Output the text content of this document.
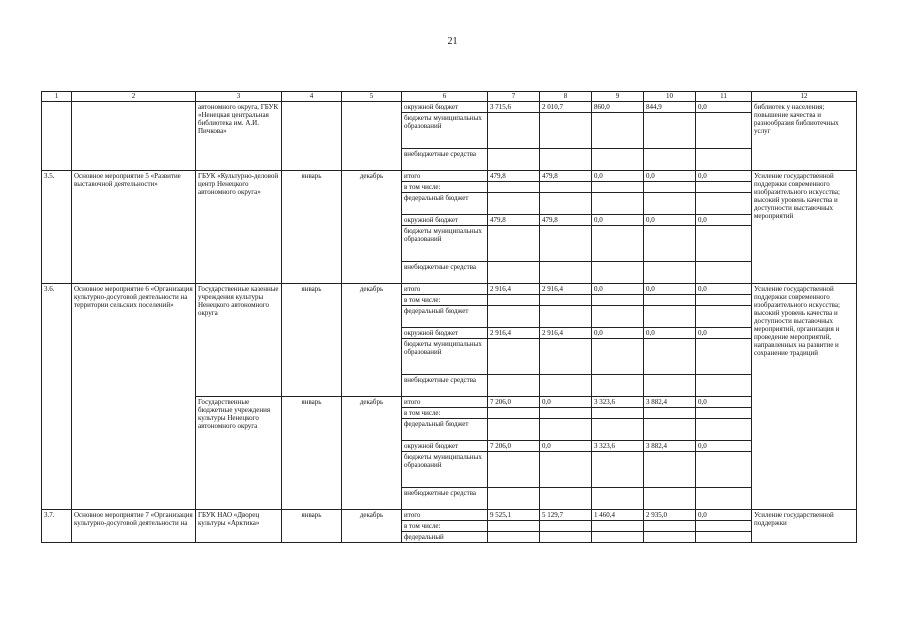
21
1	2	3	4	5	6	7	8	9	10	11	12
		автономного округа, ГБУК «Ненецкая центральная библиотека им. А.И. Пичкова»			окружной бюджет	3 715,6	2 010,7	860,0	844,9	0,0	библиотек у населения; повышение качества и разнообразия библиотечных услуг
					бюджеты муниципальных образований						
					внебюджетные средства						
3.5.	Основное мероприятие 5 «Развитие выставочной деятельности»	ГБУК «Культурно-деловой центр Ненецкого автономного округа»	январь	декабрь	итого	479,8	479,8	0,0	0,0	0,0	Усиление государственной поддержки современного изобразительного искусства; высокий уровень качества и доступности выставочных мероприятий
					в том числе:						
					федеральный бюджет						
					окружной бюджет	479,8	479,8	0,0	0,0	0,0	
					бюджеты муниципальных образований						
					внебюджетные средства						
3.6.	Основное мероприятие 6 «Организация культурно-досуговой деятельности на территории сельских поселений»	Государственные казенные учреждения культуры Ненецкого автономного округа	январь	декабрь	итого	2 916,4	2 916,4	0,0	0,0	0,0	Усиление государственной поддержки современного изобразительного искусства; высокий уровень качества и доступности выставочных мероприятий, организация и проведение мероприятий, направленных на развитие и сохранение традиций
					в том числе:						
					федеральный бюджет						
					окружной бюджет	2 916,4	2 916,4	0,0	0,0	0,0	
					бюджеты муниципальных образований						
					внебюджетные средства						
		Государственные бюджетные учреждения культуры Ненецкого автономного округа	январь	декабрь	итого	7 206,0	0,0	3 323,6	3 882,4	0,0	
					в том числе:						
					федеральный бюджет						
					окружной бюджет	7 206,0	0,0	3 323,6	3 882,4	0,0	
					бюджеты муниципальных образований						
					внебюджетные средства						
3.7.	Основное мероприятие 7 «Организация культурно-досуговой деятельности на	ГБУК НАО «Дворец культуры «Арктика»	январь	декабрь	итого	9 525,1	5 129,7	1 460,4	2 935,0	0,0	Усиление государственной поддержки
					в том числе:						
					федеральный						
